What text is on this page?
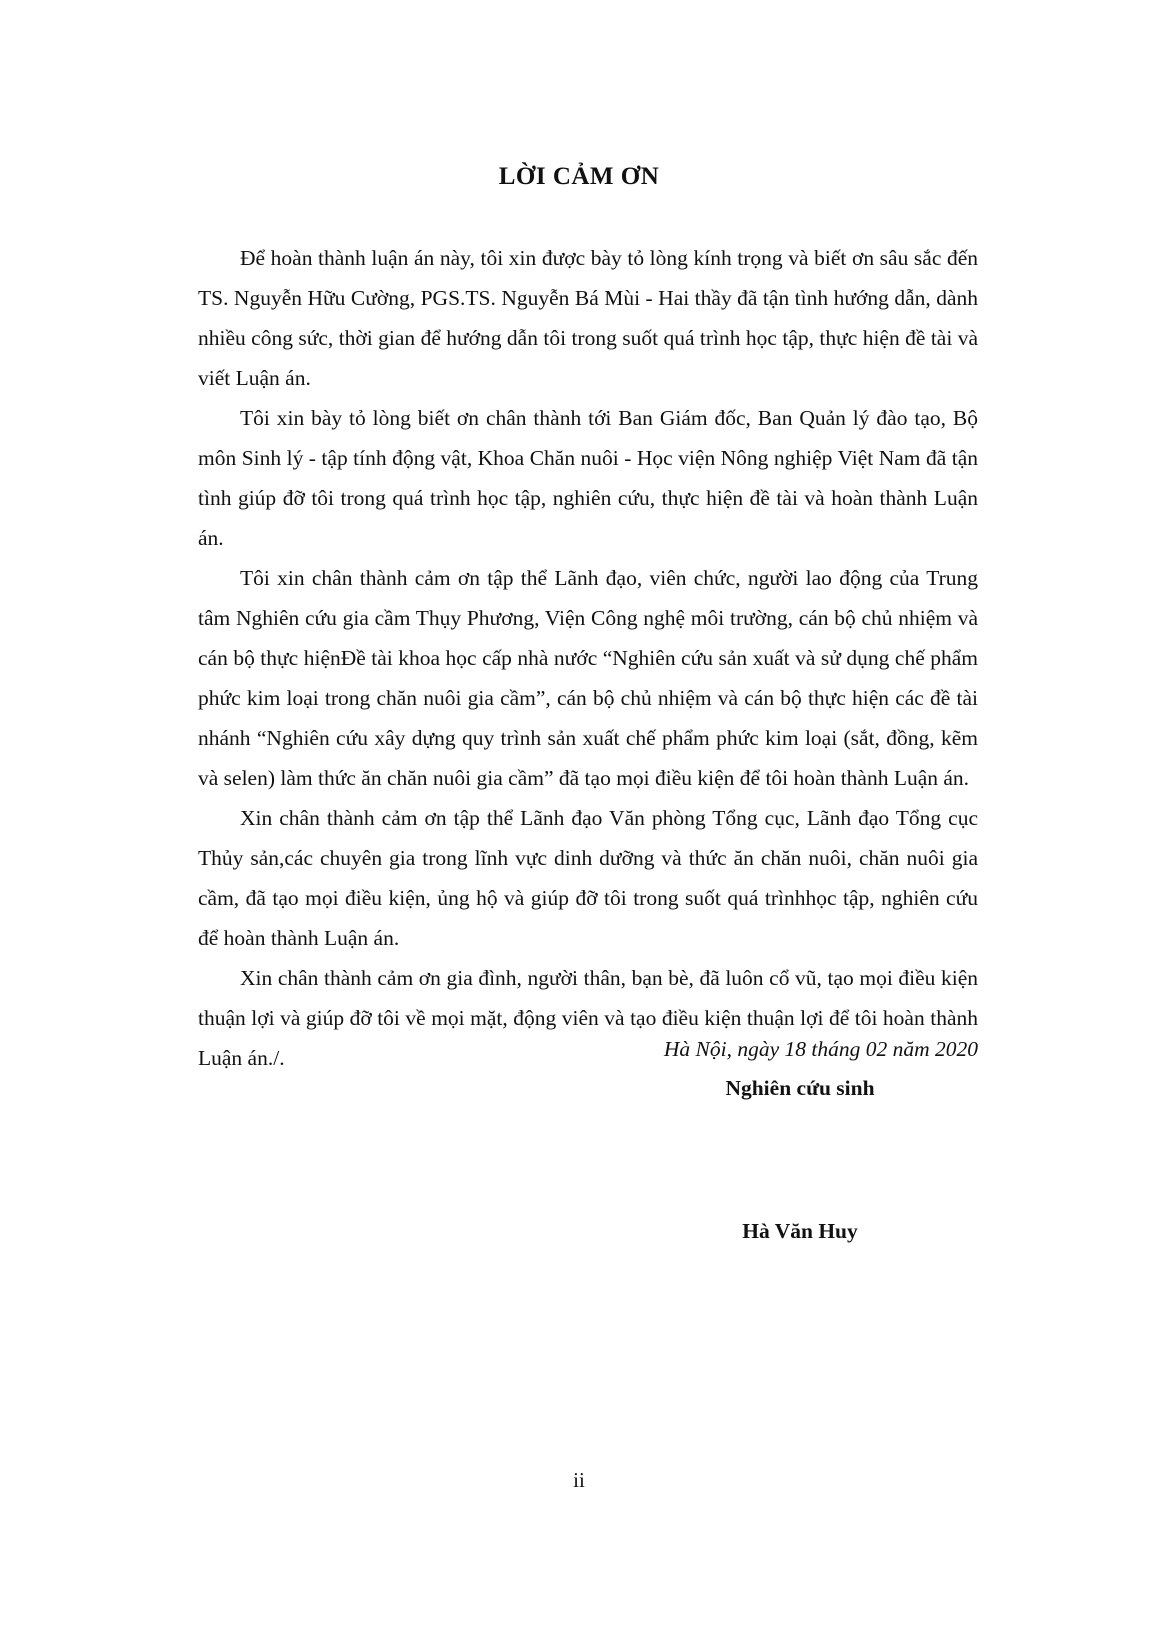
LỜI CẢM ƠN

Để hoàn thành luận án này, tôi xin được bày tỏ lòng kính trọng và biết ơn sâu sắc đến TS. Nguyễn Hữu Cường, PGS.TS. Nguyễn Bá Mùi - Hai thầy đã tận tình hướng dẫn, dành nhiều công sức, thời gian để hướng dẫn tôi trong suốt quá trình học tập, thực hiện đề tài và viết Luận án.

Tôi xin bày tỏ lòng biết ơn chân thành tới Ban Giám đốc, Ban Quản lý đào tạo, Bộ môn Sinh lý - tập tính động vật, Khoa Chăn nuôi - Học viện Nông nghiệp Việt Nam đã tận tình giúp đỡ tôi trong quá trình học tập, nghiên cứu, thực hiện đề tài và hoàn thành Luận án.

Tôi xin chân thành cảm ơn tập thể Lãnh đạo, viên chức, người lao động của Trung tâm Nghiên cứu gia cầm Thụy Phương, Viện Công nghệ môi trường, cán bộ chủ nhiệm và cán bộ thực hiệnĐề tài khoa học cấp nhà nước “Nghiên cứu sản xuất và sử dụng chế phẩm phức kim loại trong chăn nuôi gia cầm”, cán bộ chủ nhiệm và cán bộ thực hiện các đề tài nhánh “Nghiên cứu xây dựng quy trình sản xuất chế phẩm phức kim loại (sắt, đồng, kẽm và selen) làm thức ăn chăn nuôi gia cầm” đã tạo mọi điều kiện để tôi hoàn thành Luận án.

Xin chân thành cảm ơn tập thể Lãnh đạo Văn phòng Tổng cục, Lãnh đạo Tổng cục Thủy sản,các chuyên gia trong lĩnh vực dinh dưỡng và thức ăn chăn nuôi, chăn nuôi gia cầm, đã tạo mọi điều kiện, ủng hộ và giúp đỡ tôi trong suốt quá trìnhhọc tập, nghiên cứu để hoàn thành Luận án.

Xin chân thành cảm ơn gia đình, người thân, bạn bè, đã luôn cổ vũ, tạo mọi điều kiện thuận lợi và giúp đỡ tôi về mọi mặt, động viên và tạo điều kiện thuận lợi để tôi hoàn thành Luận án./.	Hà Nội, ngày 18 tháng 02 năm 2020
Nghiên cứu sinh
Hà Văn Huy
ii
